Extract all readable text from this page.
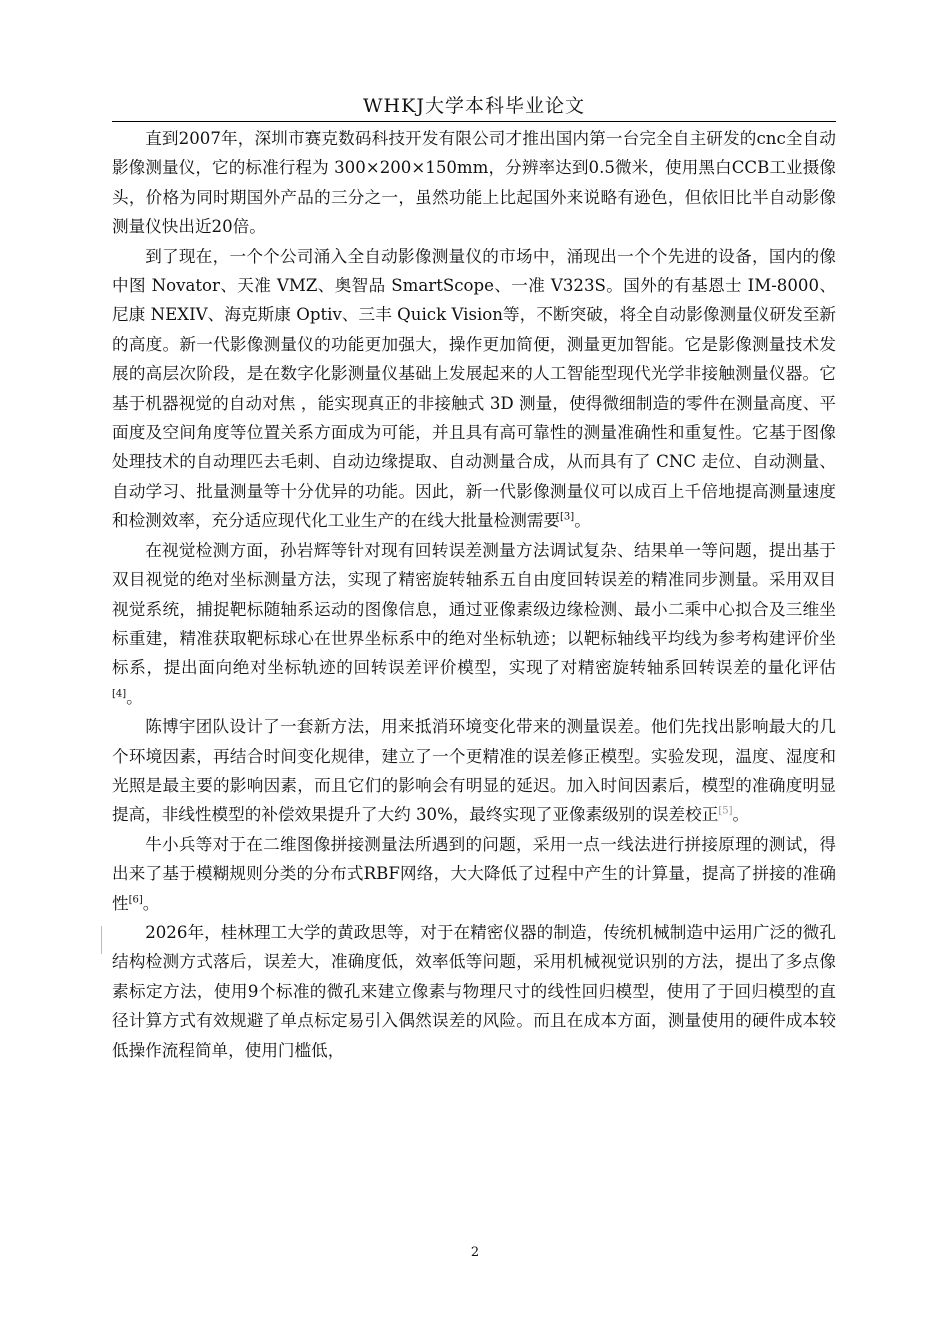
WHKJ大学本科毕业论文

直到2007年，深圳市赛克数码科技开发有限公司才推出国内第一台完全自主研发的cnc全自动影像测量仪，它的标准行程为 300×200×150mm，分辨率达到0.5微米，使用黑白CCB工业摄像头，价格为同时期国外产品的三分之一，虽然功能上比起国外来说略有逊色，但依旧比半自动影像测量仪快出近20倍。

到了现在，一个个公司涌入全自动影像测量仪的市场中，涌现出一个个先进的设备，国内的像中图 Novator、天准 VMZ、奥智品 SmartScope、一准 V323S。国外的有基恩士 IM-8000、尼康 NEXIV、海克斯康 Optiv、三丰 Quick Vision等，不断突破，将全自动影像测量仪研发至新的高度。新一代影像测量仪的功能更加强大，操作更加简便，测量更加智能。它是影像测量技术发展的高层次阶段，是在数字化影测量仪基础上发展起来的人工智能型现代光学非接触测量仪器。它基于机器视觉的自动对焦 ，能实现真正的非接触式 3D 测量，使得微细制造的零件在测量高度、平面度及空间角度等位置关系方面成为可能，并且具有高可靠性的测量准确性和重复性。它基于图像处理技术的自动理匹去毛刺、自动边缘提取、自动测量合成，从而具有了 CNC 走位、自动测量、自动学习、批量测量等十分优异的功能。因此，新一代影像测量仪可以成百上千倍地提高测量速度和检测效率，充分适应现代化工业生产的在线大批量检测需要[3]。

在视觉检测方面，孙岩辉等针对现有回转误差测量方法调试复杂、结果单一等问题，提出基于双目视觉的绝对坐标测量方法，实现了精密旋转轴系五自由度回转误差的精准同步测量。采用双目视觉系统，捕捉靶标随轴系运动的图像信息，通过亚像素级边缘检测、最小二乘中心拟合及三维坐标重建，精准获取靶标球心在世界坐标系中的绝对坐标轨迹；以靶标轴线平均线为参考构建评价坐标系，提出面向绝对坐标轨迹的回转误差评价模型，实现了对精密旋转轴系回转误差的量化评估[4]。

陈博宇团队设计了一套新方法，用来抵消环境变化带来的测量误差。他们先找出影响最大的几个环境因素，再结合时间变化规律，建立了一个更精准的误差修正模型。实验发现，温度、湿度和光照是最主要的影响因素，而且它们的影响会有明显的延迟。加入时间因素后，模型的准确度明显提高，非线性模型的补偿效果提升了大约 30%，最终实现了亚像素级别的误差校正[5]。

牛小兵等对于在二维图像拼接测量法所遇到的问题，采用一点一线法进行拼接原理的测试，得出来了基于模糊规则分类的分布式RBF网络，大大降低了过程中产生的计算量，提高了拼接的准确性[6]。

2026年，桂林理工大学的黄政思等，对于在精密仪器的制造，传统机械制造中运用广泛的微孔结构检测方式落后，误差大，准确度低，效率低等问题，采用机械视觉识别的方法，提出了多点像素标定方法，使用9个标准的微孔来建立像素与物理尺寸的线性回归模型，使用了于回归模型的直径计算方式有效规避了单点标定易引入偶然误差的风险。而且在成本方面，测量使用的硬件成本较低操作流程简单，使用门槛低，

2
